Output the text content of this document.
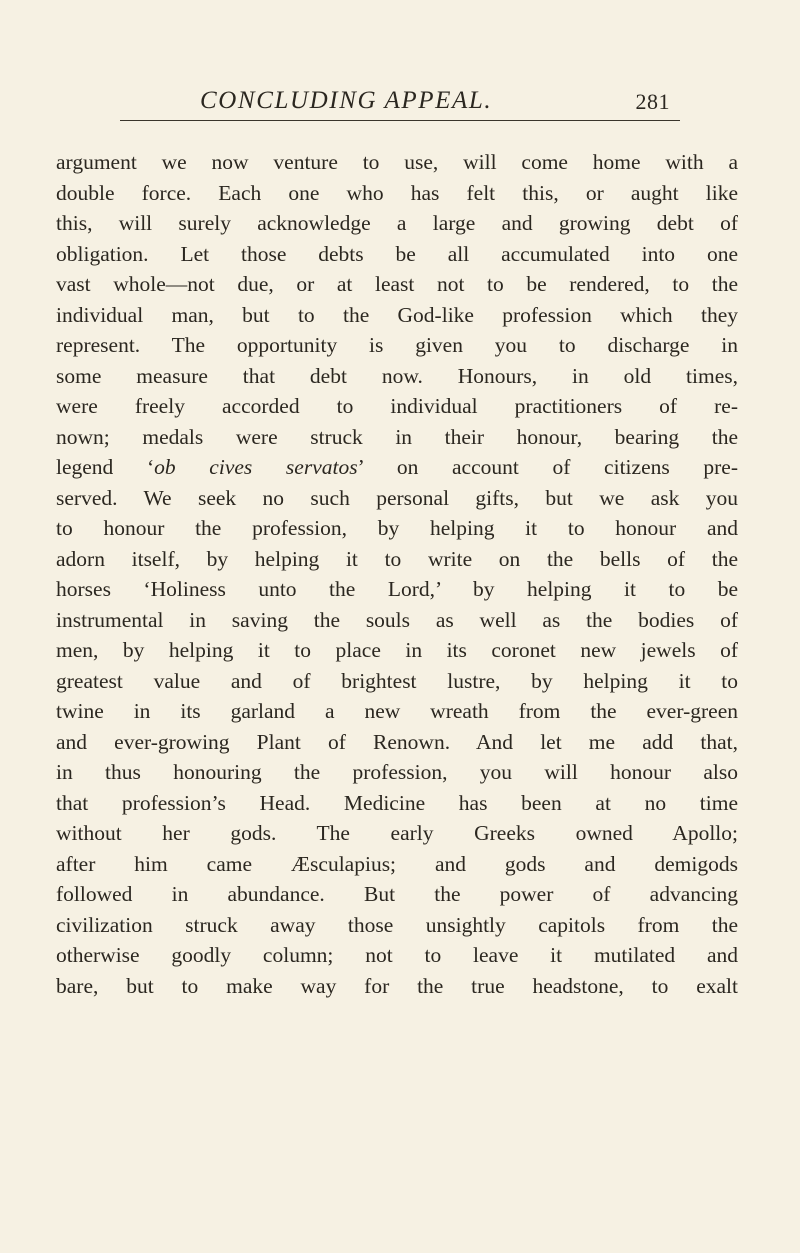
CONCLUDING APPEAL.	281
argument we now venture to use, will come home with a
double force. Each one who has felt this, or aught like
this, will surely acknowledge a large and growing debt of
obligation. Let those debts be all accumulated into one
vast whole—not due, or at least not to be rendered, to the
individual man, but to the God-like profession which they
represent. The opportunity is given you to discharge in
some measure that debt now. Honours, in old times,
were freely accorded to individual practitioners of re-
nown; medals were struck in their honour, bearing the
legend ‘ob cives servatos’ on account of citizens pre-
served. We seek no such personal gifts, but we ask you
to honour the profession, by helping it to honour and
adorn itself, by helping it to write on the bells of the
horses ‘Holiness unto the Lord,’ by helping it to be
instrumental in saving the souls as well as the bodies of
men, by helping it to place in its coronet new jewels of
greatest value and of brightest lustre, by helping it to
twine in its garland a new wreath from the ever-green
and ever-growing Plant of Renown. And let me add that,
in thus honouring the profession, you will honour also
that profession’s Head. Medicine has been at no time
without her gods. The early Greeks owned Apollo;
after him came Æsculapius; and gods and demigods
followed in abundance. But the power of advancing
civilization struck away those unsightly capitols from the
otherwise goodly column; not to leave it mutilated and
bare, but to make way for the true headstone, to exalt
